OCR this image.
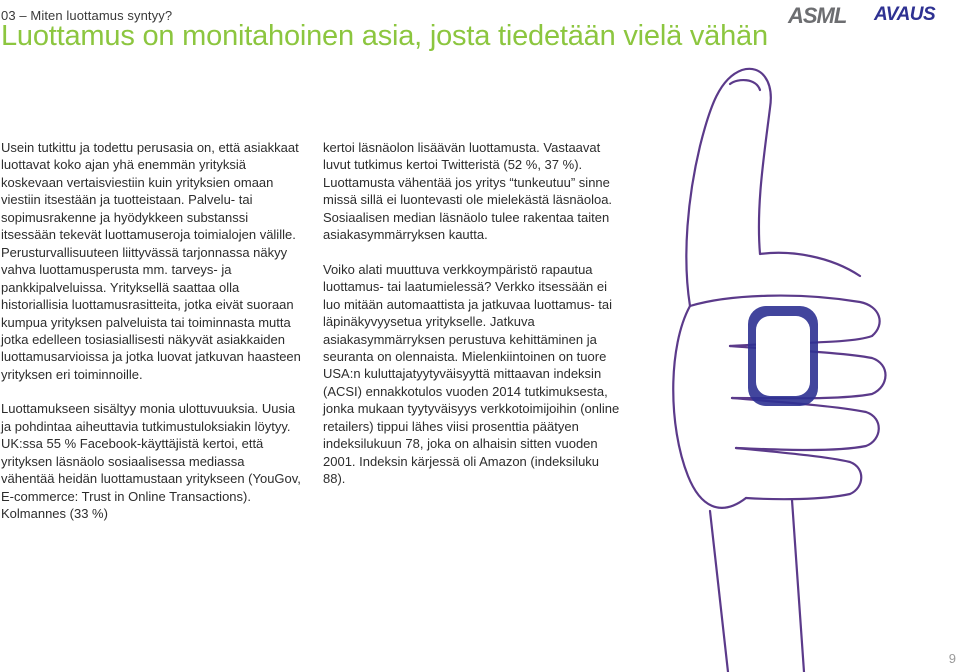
03 – Miten luottamus syntyy?
Luottamus on monitahoinen asia, josta tiedetään vielä vähän
ASML AVAUS

Usein tutkittu ja todettu perusasia on, että asiakkaat luottavat koko ajan yhä enemmän yrityksiä koskevaan vertaisviestiin kuin yrityksien omaan viestiin itsestään ja tuotteistaan. Palvelu- tai sopimusrakenne ja hyödykkeen substanssi itsessään tekevät luottamuseroja toimialojen välille. Perusturvallisuuteen liittyvässä tarjonnassa näkyy vahva luottamusperusta mm. tarveys- ja pankkipalveluissa. Yrityksellä saattaa olla historiallisia luottamusrasitteita, jotka eivät suoraan kumpua yrityksen palveluista tai toiminnasta mutta jotka edelleen tosiasiallisesti näkyvät asiakkaiden luottamusarvioissa ja jotka luovat jatkuvan haasteen yrityksen eri toiminnoille.

Luottamukseen sisältyy monia ulottuvuuksia. Uusia ja pohdintaa aiheuttavia tutkimustuloksiakin löytyy. UK:ssa 55 % Facebook-käyttäjistä kertoi, että yrityksen läsnäolo sosiaalisessa mediassa vähentää heidän luottamustaan yritykseen (YouGov, E-commerce: Trust in Online Transactions). Kolmannes (33 %)

kertoi läsnäolon lisäävän luottamusta. Vastaavat luvut tutkimus kertoi Twitteristä (52 %, 37 %). Luottamusta vähentää jos yritys “tunkeutuu” sinne missä sillä ei luontevasti ole mielekästä läsnäoloa. Sosiaalisen median läsnäolo tulee rakentaa taiten asiakasymmärryksen kautta.

Voiko alati muuttuva verkkoympäristö rapautua luottamus- tai laatumielessä? Verkko itsessään ei luo mitään automaattista ja jatkuvaa luottamus- tai läpinäkyvyysetua yritykselle. Jatkuva asiakasymmärryksen perustuva kehittäminen ja seuranta on olennaista. Mielenkiintoinen on tuore USA:n kuluttajatyytyväisyyttä mittaavan indeksin (ACSI) ennakkotulos vuoden 2014 tutkimuksesta, jonka mukaan tyytyväisyys verkkotoimijoihin (online retailers) tippui lähes viisi prosenttia päätyen indeksilukuun 78, joka on alhaisin sitten vuoden 2001. Indeksin kärjessä oli Amazon (indeksiluku 88).

9
